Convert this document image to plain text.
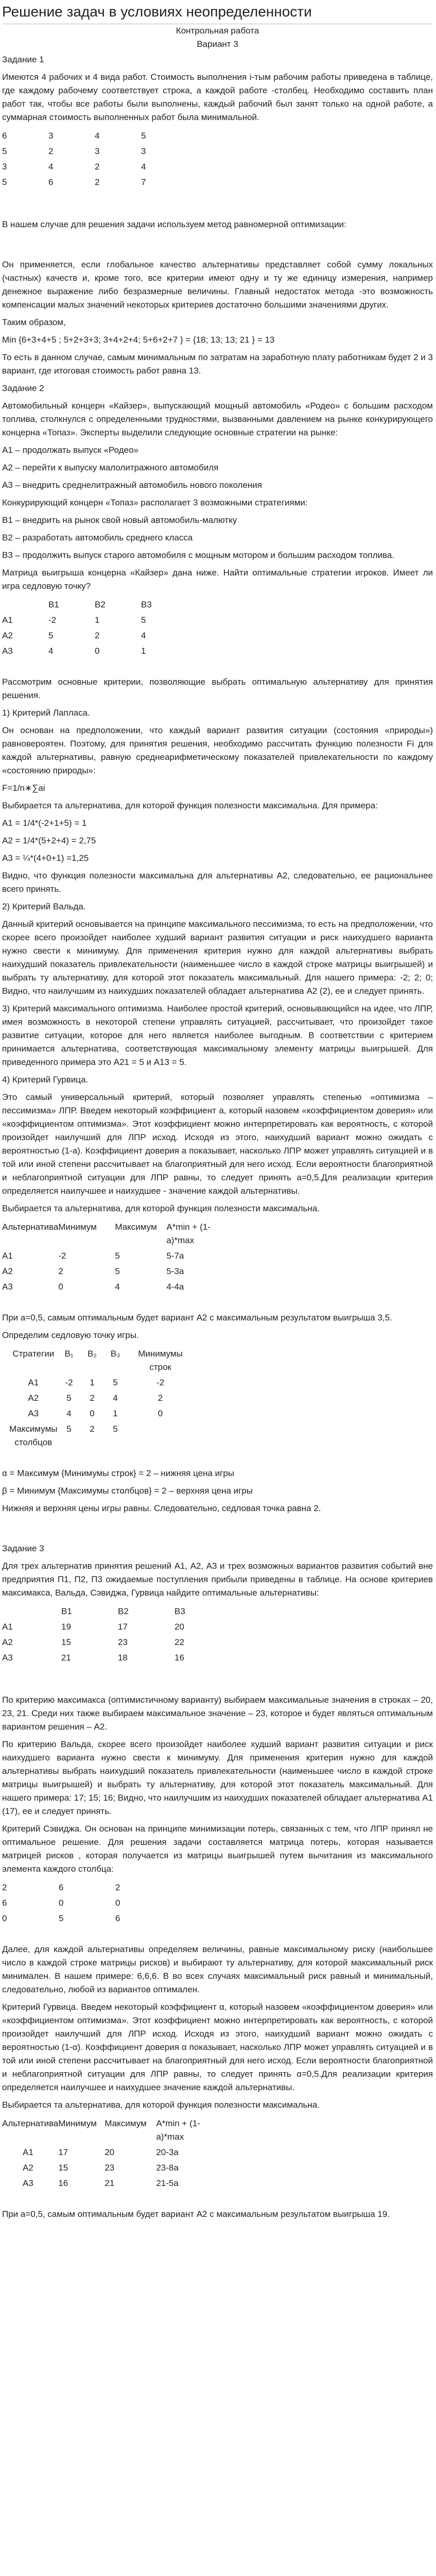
Решение задач в условиях неопределенности
Контрольная работа
Вариант 3

Задание 1

Имеются 4 рабочих и 4 вида работ. Стоимость выполнения i-тым рабочим работы приведена в таблице, где каждому рабочему соответствует строка, а каждой работе -столбец. Необходимо составить план работ так, чтобы все работы были выполнены, каждый рабочий был занят только на одной работе, а суммарная стоимость выполненных работ была минимальной.

6	3	4	5
5	2	3	3
3	4	2	4
5	6	2	7

В нашем случае для решения задачи используем метод равномерной оптимизации:

Он применяется, если глобальное качество альтернативы представляет собой сумму локальных (частных) качеств и, кроме того, все критерии имеют одну и ту же единицу измерения, например денежное выражение либо безразмерные величины. Главный недостаток метода -это возможность компенсации малых значений некоторых критериев достаточно большими значениями других.

Таким образом,

Min {6+3+4+5 ; 5+2+3+3; 3+4+2+4; 5+6+2+7 } = {18; 13; 13; 21 } = 13

То есть в данном случае, самым минимальным по затратам на заработную плату работникам будет 2 и 3 вариант, где итоговая стоимость работ равна 13.

Задание 2

Автомобильный концерн «Кайзер», выпускающий мощный автомобиль «Родео» с большим расходом топлива, столкнулся с определенными трудностями, вызванными давлением на рынке конкурирующего концерна «Топаз». Эксперты выделили следующие основные стратегии на рынке:

А1 – продолжать выпуск «Родео»

А2 – перейти к выпуску малолитражного автомобиля

А3 – внедрить среднелитражный автомобиль нового поколения

Конкурирующий концерн «Топаз» располагает 3 возможными стратегиями:

В1 – внедрить на рынок свой новый автомобиль-малютку

В2 – разработать автомобиль среднего класса

В3 – продолжить выпуск старого автомобиля с мощным мотором и большим расходом топлива.

Матрица выигрыша концерна «Кайзер» дана ниже. Найти оптимальные стратегии игроков. Имеет ли игра седловую точку?

	B1	B2	B3
A1	-2	1	5
A2	5	2	4
A3	4	0	1

Рассмотрим основные критерии, позволяющие выбрать оптимальную альтернативу для принятия решения.

1) Критерий Лапласа.

Он основан на предположении, что каждый вариант развития ситуации (состояния «природы») равновероятен. Поэтому, для принятия решения, необходимо рассчитать функцию полезности Fi для каждой альтернативы, равную среднеарифметическому показателей привлекательности по каждому «состоянию природы»:

F=1/n∗∑ai

Выбирается та альтернатива, для которой функция полезности максимальна. Для примера:

А1 = 1/4*(-2+1+5) = 1

А2 = 1/4*(5+2+4) = 2,75

А3 = ¼*(4+0+1) =1,25

Видно, что функция полезности максимальна для альтернативы А2, следовательно, ее рациональнее всего принять.

2) Критерий Вальда.

Данный критерий основывается на принципе максимального пессимизма, то есть на предположении, что скорее всего произойдет наиболее худший вариант развития ситуации и риск наихудшего варианта нужно свести к минимуму. Для применения критерия нужно для каждой альтернативы выбрать наихудший показатель привлекательности (наименьшее число в каждой строке матрицы выигрышей) и выбрать ту альтернативу, для которой этот показатель максимальный. Для нашего примера: -2; 2; 0; Видно, что наилучшим из наихудших показателей обладает альтернатива А2 (2), ее и следует принять.

3) Критерий максимального оптимизма. Наиболее простой критерий, основывающийся на идее, что ЛПР, имея возможность в некоторой степени управлять ситуацией, рассчитывает, что произойдет такое развитие ситуации, которое для него является наиболее выгодным. В соответствии с критерием принимается альтернатива, соответствующая максимальному элементу матрицы выигрышей. Для приведенного примера это А21 = 5 и А13 = 5.

4) Критерий Гурвица.

Это самый универсальный критерий, который позволяет управлять степенью «оптимизма – пессимизма» ЛПР. Введем некоторый коэффициент а, который назовем «коэффициентом доверия» или «коэффициентом оптимизма». Этот коэффициент можно интерпретировать как вероятность, с которой произойдет наилучший для ЛПР исход. Исходя из этого, наихудший вариант можно ожидать с вероятностью (1-а). Коэффициент доверия а показывает, насколько ЛПР может управлять ситуацией и в той или иной степени рассчитывает на благоприятный для него исход. Если вероятности благоприятной и неблагоприятной ситуации для ЛПР равны, то следует принять a=0,5.Для реализации критерия определяется наилучшее и наихудшее - значение каждой альтернативы.

Выбирается та альтернатива, для которой функция полезности максимальна.

Альтернатива	Минимум	Максимум	A*min + (1-a)*max
A1	-2	5	5-7a
A2	2	5	5-3a
A3	0	4	4-4a

При a=0,5, самым оптимальным будет вариант А2 с максимальным результатом выигрыша 3,5.

Определим седловую точку игры.

Стратегии	B₁	B₂	B₃	Минимумы строк
A1	-2	1	5	-2
A2	5	2	4	2
A3	4	0	1	0
Максимумы столбцов	5	2	5	

α = Максимум {Минимумы строк} = 2 – нижняя цена игры

β = Минимум {Максимумы столбцов} = 2 – верхняя цена игры

Нижняя и верхняя цены игры равны. Следовательно, седловая точка равна 2.

Задание 3

Для трех альтернатив принятия решений А1, А2, А3 и трех возможных вариантов развития событий вне предприятия П1, П2, П3 ожидаемые поступления прибыли приведены в таблице. На основе критериев максимакса, Вальда, Сэвиджа, Гурвица найдите оптимальные альтернативы:

	B1	B2	B3
A1	19	17	20
A2	15	23	22
A3	21	18	16

По критерию максимакса (оптимистичному варианту) выбираем максимальные значения в строках – 20, 23, 21. Среди них также выбираем максимальное значение – 23, которое и будет являться оптимальным вариантом решения – А2.

По критерию Вальда, скорее всего произойдет наиболее худший вариант развития ситуации и риск наихудшего варианта нужно свести к минимуму. Для применения критерия нужно для каждой альтернативы выбрать наихудший показатель привлекательности (наименьшее число в каждой строке матрицы выигрышей) и выбрать ту альтернативу, для которой этот показатель максимальный. Для нашего примера: 17; 15; 16; Видно, что наилучшим из наихудших показателей обладает альтернатива А1 (17), ее и следует принять.

Критерий Сэвиджа. Он основан на принципе минимизации потерь, связанных с тем, что ЛПР принял не оптимальное решение. Для решения задачи составляется матрица потерь, которая называется матрицей рисков , которая получается из матрицы выигрышей путем вычитания из максимального элемента каждого столбца:

2	6	2
6	0	0
0	5	6

Далее, для каждой альтернативы определяем величины, равные максимальному риску (наибольшее число в каждой строке матрицы рисков) и выбирают ту альтернативу, для которой максимальный риск минимален. В нашем примере: 6,6,6. В во всех случаях максимальный риск равный и минимальный, следовательно, любой из вариантов оптимален.

Критерий Гурвица. Введем некоторый коэффициент α, который назовем «коэффициентом доверия» или «коэффициентом оптимизма». Этот коэффициент можно интерпретировать как вероятность, с которой произойдет наилучший для ЛПР исход. Исходя из этого, наихудший вариант можно ожидать с вероятностью (1-α). Коэффициент доверия α показывает, насколько ЛПР может управлять ситуацией и в той или иной степени рассчитывает на благоприятный для него исход. Если вероятности благоприятной и неблагоприятной ситуации для ЛПР равны, то следует принять α=0,5.Для реализации критерия определяется наилучшее и наихудшее значение каждой альтернативы.

Выбирается та альтернатива, для которой функция полезности максимальна.

Альтернатива	Минимум	Максимум	A*min + (1-a)*max
A1	17	20	20-3a
A2	15	23	23-8a
A3	16	21	21-5a

При a=0,5, самым оптимальным будет вариант А2 с максимальным результатом выигрыша 19.
